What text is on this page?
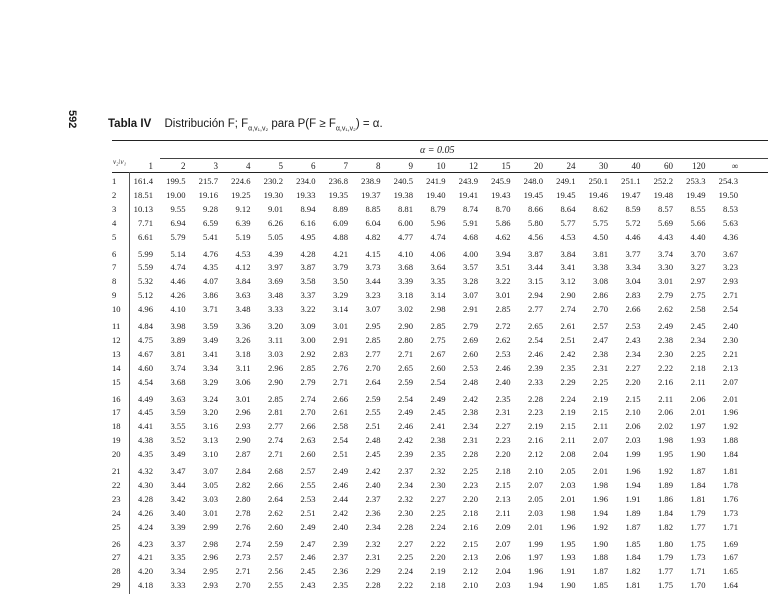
592	Tabla IV Distribución F; $F_{\alpha,v_1,v_2}$ para $P(F \ge F_{\alpha,v_1,v_2}) = \alpha$.
α = 0.05
v₂\v₁	1	2	3	4	5	6	7	8	9	10	12	15	20	24	30	40	60	120	∞
1	161.4	199.5	215.7	224.6	230.2	234.0	236.8	238.9	240.5	241.9	243.9	245.9	248.0	249.1	250.1	251.1	252.2	253.3	254.3
2	18.51	19.00	19.16	19.25	19.30	19.33	19.35	19.37	19.38	19.40	19.41	19.43	19.45	19.45	19.46	19.47	19.48	19.49	19.50
3	10.13	9.55	9.28	9.12	9.01	8.94	8.89	8.85	8.81	8.79	8.74	8.70	8.66	8.64	8.62	8.59	8.57	8.55	8.53
4	7.71	6.94	6.59	6.39	6.26	6.16	6.09	6.04	6.00	5.96	5.91	5.86	5.80	5.77	5.75	5.72	5.69	5.66	5.63
5	6.61	5.79	5.41	5.19	5.05	4.95	4.88	4.82	4.77	4.74	4.68	4.62	4.56	4.53	4.50	4.46	4.43	4.40	4.36
6	5.99	5.14	4.76	4.53	4.39	4.28	4.21	4.15	4.10	4.06	4.00	3.94	3.87	3.84	3.81	3.77	3.74	3.70	3.67
7	5.59	4.74	4.35	4.12	3.97	3.87	3.79	3.73	3.68	3.64	3.57	3.51	3.44	3.41	3.38	3.34	3.30	3.27	3.23
8	5.32	4.46	4.07	3.84	3.69	3.58	3.50	3.44	3.39	3.35	3.28	3.22	3.15	3.12	3.08	3.04	3.01	2.97	2.93
9	5.12	4.26	3.86	3.63	3.48	3.37	3.29	3.23	3.18	3.14	3.07	3.01	2.94	2.90	2.86	2.83	2.79	2.75	2.71
10	4.96	4.10	3.71	3.48	3.33	3.22	3.14	3.07	3.02	2.98	2.91	2.85	2.77	2.74	2.70	2.66	2.62	2.58	2.54
11	4.84	3.98	3.59	3.36	3.20	3.09	3.01	2.95	2.90	2.85	2.79	2.72	2.65	2.61	2.57	2.53	2.49	2.45	2.40
12	4.75	3.89	3.49	3.26	3.11	3.00	2.91	2.85	2.80	2.75	2.69	2.62	2.54	2.51	2.47	2.43	2.38	2.34	2.30
13	4.67	3.81	3.41	3.18	3.03	2.92	2.83	2.77	2.71	2.67	2.60	2.53	2.46	2.42	2.38	2.34	2.30	2.25	2.21
14	4.60	3.74	3.34	3.11	2.96	2.85	2.76	2.70	2.65	2.60	2.53	2.46	2.39	2.35	2.31	2.27	2.22	2.18	2.13
15	4.54	3.68	3.29	3.06	2.90	2.79	2.71	2.64	2.59	2.54	2.48	2.40	2.33	2.29	2.25	2.20	2.16	2.11	2.07
16	4.49	3.63	3.24	3.01	2.85	2.74	2.66	2.59	2.54	2.49	2.42	2.35	2.28	2.24	2.19	2.15	2.11	2.06	2.01
17	4.45	3.59	3.20	2.96	2.81	2.70	2.61	2.55	2.49	2.45	2.38	2.31	2.23	2.19	2.15	2.10	2.06	2.01	1.96
18	4.41	3.55	3.16	2.93	2.77	2.66	2.58	2.51	2.46	2.41	2.34	2.27	2.19	2.15	2.11	2.06	2.02	1.97	1.92
19	4.38	3.52	3.13	2.90	2.74	2.63	2.54	2.48	2.42	2.38	2.31	2.23	2.16	2.11	2.07	2.03	1.98	1.93	1.88
20	4.35	3.49	3.10	2.87	2.71	2.60	2.51	2.45	2.39	2.35	2.28	2.20	2.12	2.08	2.04	1.99	1.95	1.90	1.84
21	4.32	3.47	3.07	2.84	2.68	2.57	2.49	2.42	2.37	2.32	2.25	2.18	2.10	2.05	2.01	1.96	1.92	1.87	1.81
22	4.30	3.44	3.05	2.82	2.66	2.55	2.46	2.40	2.34	2.30	2.23	2.15	2.07	2.03	1.98	1.94	1.89	1.84	1.78
23	4.28	3.42	3.03	2.80	2.64	2.53	2.44	2.37	2.32	2.27	2.20	2.13	2.05	2.01	1.96	1.91	1.86	1.81	1.76
24	4.26	3.40	3.01	2.78	2.62	2.51	2.42	2.36	2.30	2.25	2.18	2.11	2.03	1.98	1.94	1.89	1.84	1.79	1.73
25	4.24	3.39	2.99	2.76	2.60	2.49	2.40	2.34	2.28	2.24	2.16	2.09	2.01	1.96	1.92	1.87	1.82	1.77	1.71
26	4.23	3.37	2.98	2.74	2.59	2.47	2.39	2.32	2.27	2.22	2.15	2.07	1.99	1.95	1.90	1.85	1.80	1.75	1.69
27	4.21	3.35	2.96	2.73	2.57	2.46	2.37	2.31	2.25	2.20	2.13	2.06	1.97	1.93	1.88	1.84	1.79	1.73	1.67
28	4.20	3.34	2.95	2.71	2.56	2.45	2.36	2.29	2.24	2.19	2.12	2.04	1.96	1.91	1.87	1.82	1.77	1.71	1.65
29	4.18	3.33	2.93	2.70	2.55	2.43	2.35	2.28	2.22	2.18	2.10	2.03	1.94	1.90	1.85	1.81	1.75	1.70	1.64
